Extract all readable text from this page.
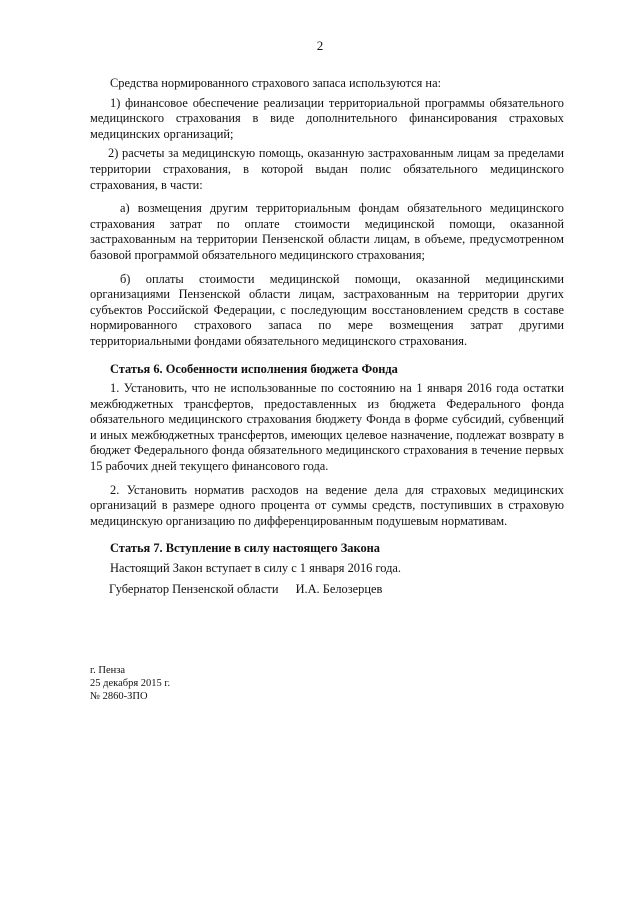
2

Средства нормированного страхового запаса используются на:

1) финансовое обеспечение реализации территориальной программы обязательного медицинского страхования в виде дополнительного финансирования страховых медицинских организаций;

2) расчеты за медицинскую помощь, оказанную застрахованным лицам за пределами территории страхования, в которой выдан полис обязательного медицинского страхования, в части:

а) возмещения другим территориальным фондам обязательного медицинского страхования затрат по оплате стоимости медицинской помощи, оказанной застрахованным на территории Пензенской области лицам, в объеме, предусмотренном базовой программой обязательного медицинского страхования;

б) оплаты стоимости медицинской помощи, оказанной медицинскими организациями Пензенской области лицам, застрахованным на территории других субъектов Российской Федерации, с последующим восстановлением средств в составе нормированного страхового запаса по мере возмещения затрат другими территориальными фондами обязательного медицинского страхования.

Статья 6. Особенности исполнения бюджета Фонда

1. Установить, что не использованные по состоянию на 1 января 2016 года остатки межбюджетных трансфертов, предоставленных из бюджета Федерального фонда обязательного медицинского страхования бюджету Фонда в форме субсидий, субвенций и иных межбюджетных трансфертов, имеющих целевое назначение, подлежат возврату в бюджет Федерального фонда обязательного медицинского страхования в течение первых 15 рабочих дней текущего финансового года.

2. Установить норматив расходов на ведение дела для страховых медицинских организаций в размере одного процента от суммы средств, поступивших в страховую медицинскую организацию по дифференцированным подушевым нормативам.

Статья 7. Вступление в силу настоящего Закона

Настоящий Закон вступает в силу с 1 января 2016 года.

Губернатор Пензенской области И.А. Белозерцев
г. Пенза
25 декабря 2015 г.
№ 2860-ЗПО
